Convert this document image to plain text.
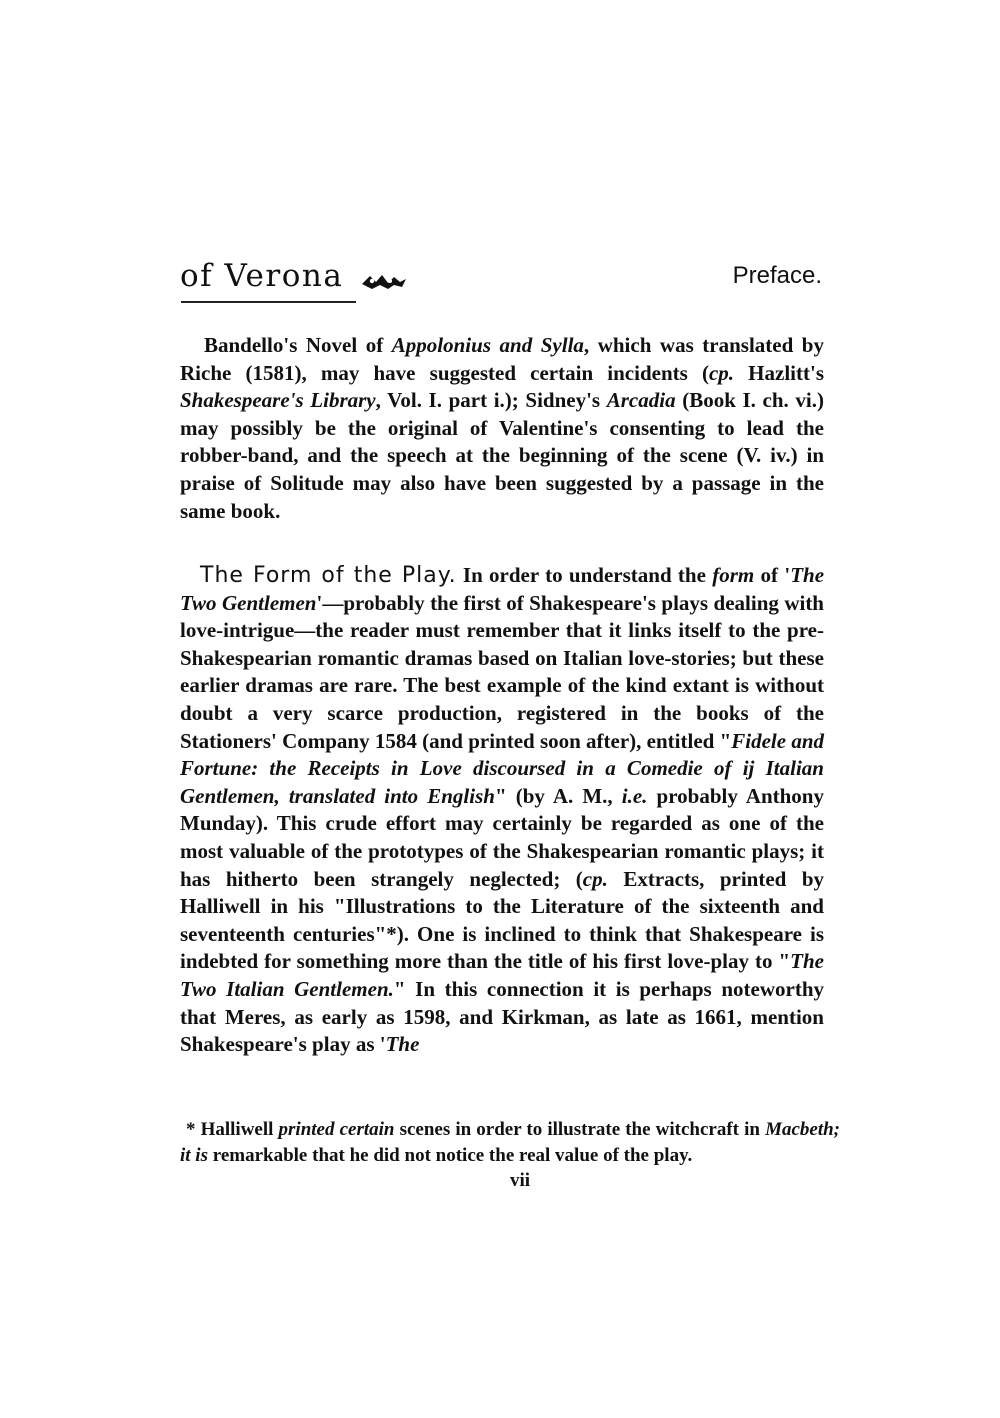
of Verona	Preface.
Bandello's Novel of Appolonius and Sylla, which was translated by Riche (1581), may have suggested certain incidents (cp. Hazlitt's Shakespeare's Library, Vol. I. part i.); Sidney's Arcadia (Book I. ch. vi.) may possibly be the original of Valentine's consenting to lead the robber-band, and the speech at the beginning of the scene (V. iv.) in praise of Solitude may also have been suggested by a passage in the same book.
The Form of the Play. In order to understand the form of 'The Two Gentlemen'—probably the first of Shakespeare's plays dealing with love-intrigue—the reader must remember that it links itself to the pre-Shakespearian romantic dramas based on Italian love-stories; but these earlier dramas are rare. The best example of the kind extant is without doubt a very scarce production, registered in the books of the Stationers' Company 1584 (and printed soon after), entitled "Fidele and Fortune: the Receipts in Love discoursed in a Comedie of ij Italian Gentlemen, translated into English" (by A. M., i.e. probably Anthony Munday). This crude effort may certainly be regarded as one of the most valuable of the prototypes of the Shakespearian romantic plays; it has hitherto been strangely neglected; (cp. Extracts, printed by Halliwell in his "Illustrations to the Literature of the sixteenth and seventeenth centuries"*). One is inclined to think that Shakespeare is indebted for something more than the title of his first love-play to "The Two Italian Gentlemen." In this connection it is perhaps noteworthy that Meres, as early as 1598, and Kirkman, as late as 1661, mention Shakespeare's play as 'The
* Halliwell printed certain scenes in order to illustrate the witchcraft in Macbeth; it is remarkable that he did not notice the real value of the play.
vii
